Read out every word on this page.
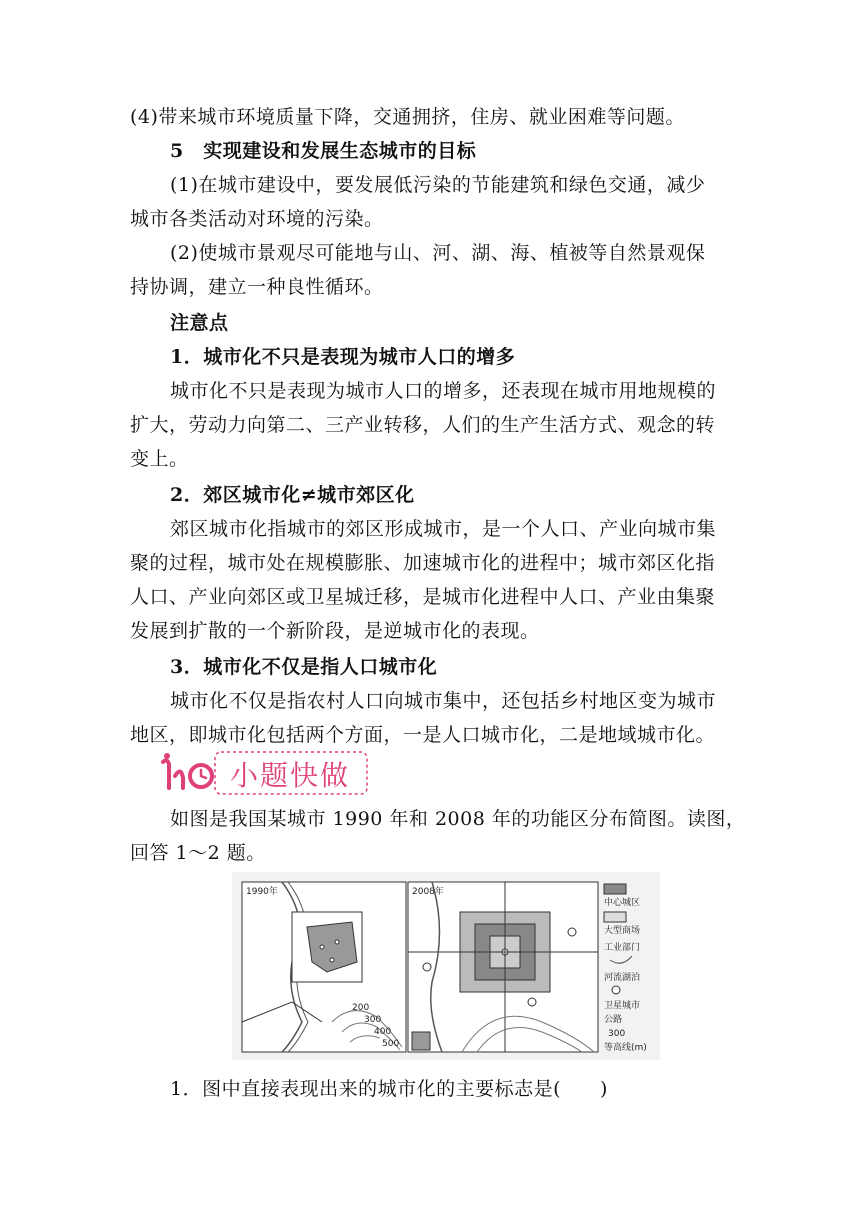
(4)带来城市环境质量下降，交通拥挤，住房、就业困难等问题。
5　实现建设和发展生态城市的目标
(1)在城市建设中，要发展低污染的节能建筑和绿色交通，减少
城市各类活动对环境的污染。
(2)使城市景观尽可能地与山、河、湖、海、植被等自然景观保
持协调，建立一种良性循环。
注意点
1．城市化不只是表现为城市人口的增多
城市化不只是表现为城市人口的增多，还表现在城市用地规模的
扩大，劳动力向第二、三产业转移，人们的生产生活方式、观念的转
变上。
2．郊区城市化≠城市郊区化
郊区城市化指城市的郊区形成城市，是一个人口、产业向城市集
聚的过程，城市处在规模膨胀、加速城市化的进程中；城市郊区化指
人口、产业向郊区或卫星城迁移，是城市化进程中人口、产业由集聚
发展到扩散的一个新阶段，是逆城市化的表现。
3．城市化不仅是指人口城市化
城市化不仅是指农村人口向城市集中，还包括乡村地区变为城市
地区，即城市化包括两个方面，一是人口城市化，二是地域城市化。
小题快做
如图是我国某城市 1990 年和 2008 年的功能区分布简图。读图，
回答 1～2 题。
1990年	2008年
200
300
400
500
中心城区
大型商场
工业部门
河流湖泊
卫星城市
公路
300
等高线(m)
1．图中直接表现出来的城市化的主要标志是(　　)
